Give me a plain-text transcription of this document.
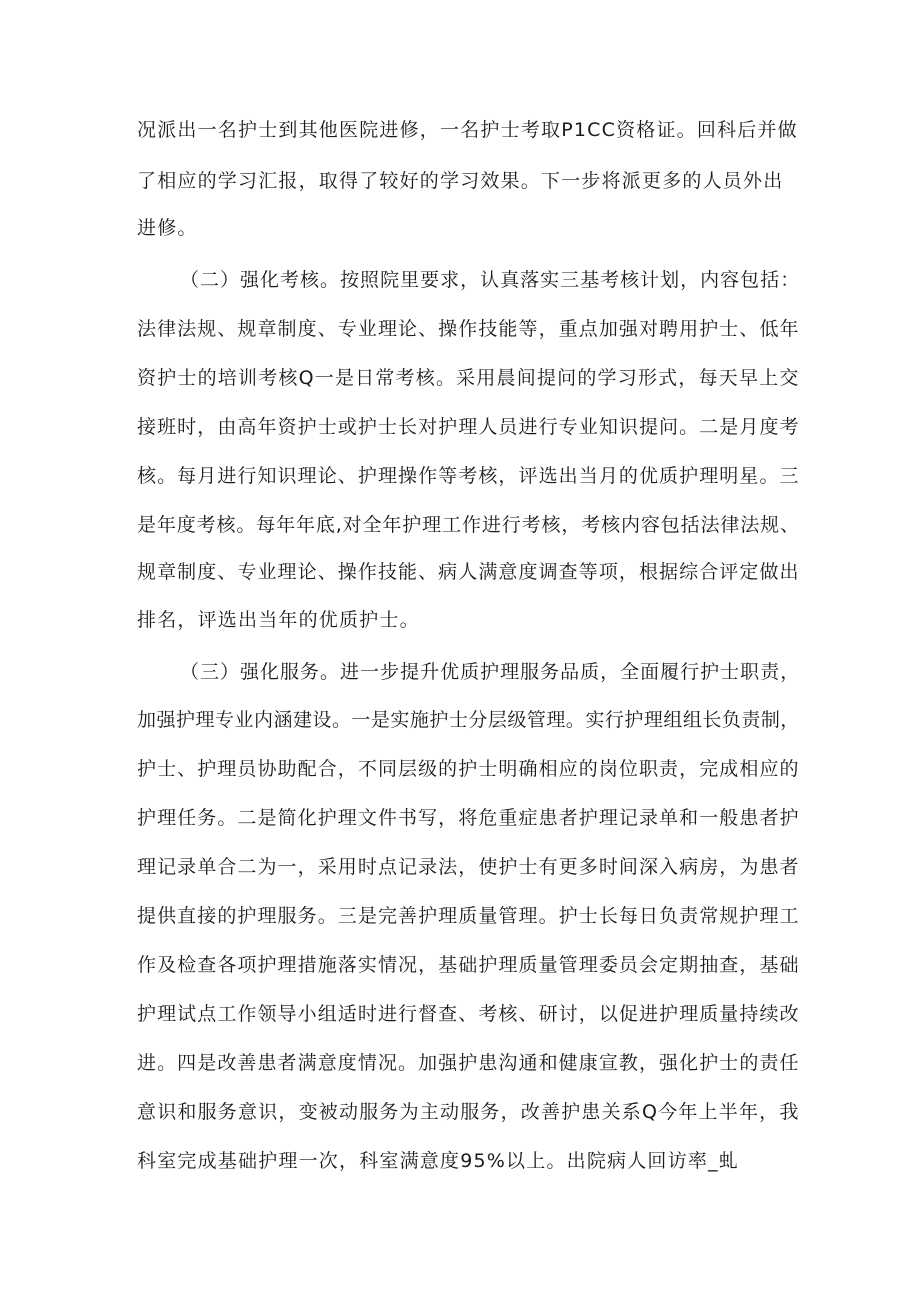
况派出一名护士到其他医院进修，一名护士考取P1CC资格证。回科后并做
了相应的学习汇报，取得了较好的学习效果。下一步将派更多的人员外出
进修。
（二）强化考核。按照院里要求，认真落实三基考核计划，内容包括：
法律法规、规章制度、专业理论、操作技能等，重点加强对聘用护士、低年
资护士的培训考核Q一是日常考核。采用晨间提问的学习形式，每天早上交
接班时，由高年资护士或护士长对护理人员进行专业知识提问。二是月度考
核。每月进行知识理论、护理操作等考核，评选出当月的优质护理明星。三
是年度考核。每年年底,对全年护理工作进行考核，考核内容包括法律法规、
规章制度、专业理论、操作技能、病人满意度调查等项，根据综合评定做出
排名，评选出当年的优质护士。
（三）强化服务。进一步提升优质护理服务品质，全面履行护士职责，
加强护理专业内涵建设。一是实施护士分层级管理。实行护理组组长负责制，
护士、护理员协助配合，不同层级的护士明确相应的岗位职责，完成相应的
护理任务。二是简化护理文件书写，将危重症患者护理记录单和一般患者护
理记录单合二为一，采用时点记录法，使护士有更多时间深入病房，为患者
提供直接的护理服务。三是完善护理质量管理。护士长每日负责常规护理工
作及检查各项护理措施落实情况，基础护理质量管理委员会定期抽查，基础
护理试点工作领导小组适时进行督查、考核、研讨，以促进护理质量持续改
进。四是改善患者满意度情况。加强护患沟通和健康宣教，强化护士的责任
意识和服务意识，变被动服务为主动服务，改善护患关系Q今年上半年，我
科室完成基础护理一次，科室满意度95%以上。出院病人回访率_虬
